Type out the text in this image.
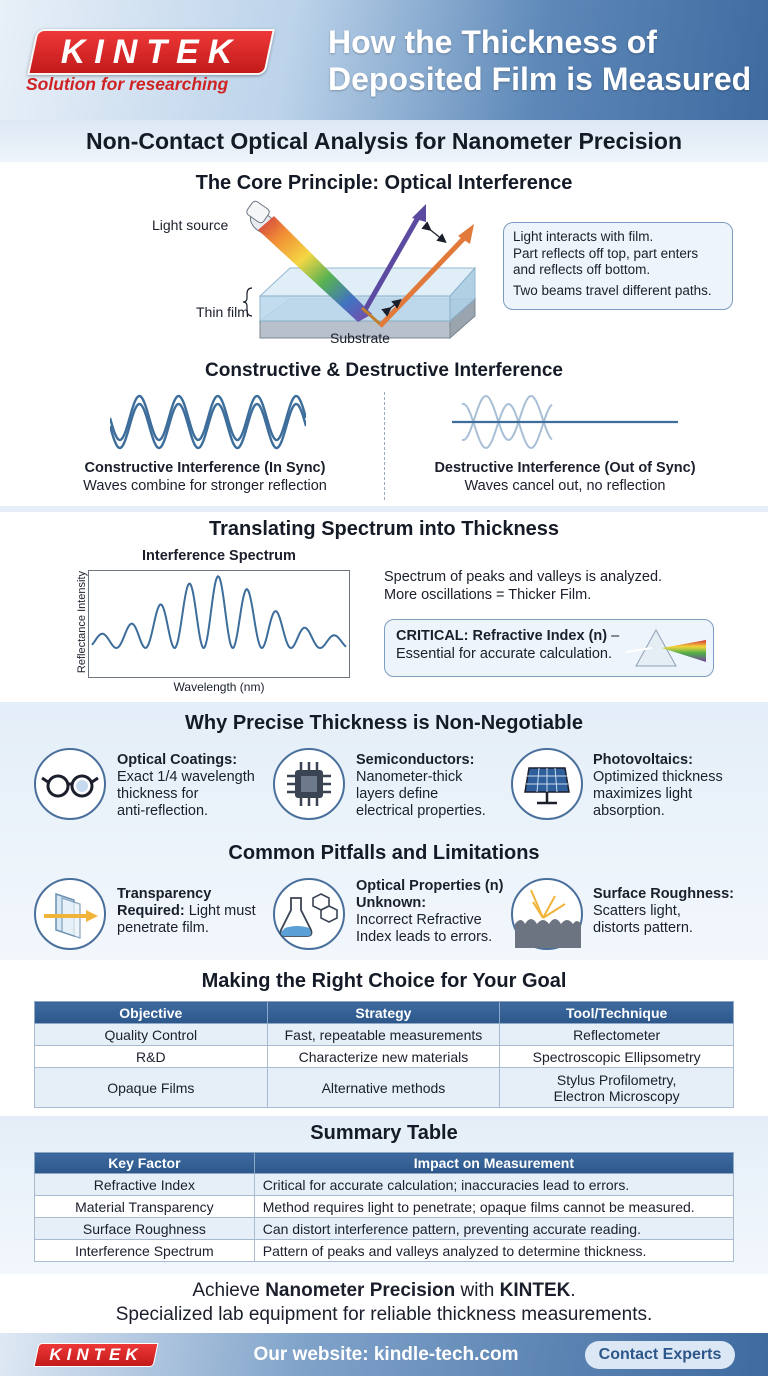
KINTEK
Solution for researching
How the Thickness of Deposited Film is Measured
Non-Contact Optical Analysis for Nanometer Precision
The Core Principle: Optical Interference
Light source
Thin film
Substrate
Light interacts with film.
Part reflects off top, part enters
and reflects off bottom.
Two beams travel different paths.
Constructive & Destructive Interference
Constructive Interference (In Sync)
Waves combine for stronger reflection
Destructive Interference (Out of Sync)
Waves cancel out, no reflection
Translating Spectrum into Thickness
Interference Spectrum
Reflectance Intensity
Wavelength (nm)
Spectrum of peaks and valleys is analyzed.
More oscillations = Thicker Film.
CRITICAL: Refractive Index (n) –
Essential for accurate calculation.
Why Precise Thickness is Non-Negotiable
Optical Coatings:
Exact 1/4 wavelength
thickness for
anti-reflection.
Semiconductors:
Nanometer-thick
layers define
electrical properties.
Photovoltaics:
Optimized thickness
maximizes light
absorption.
Common Pitfalls and Limitations
Transparency
Required: Light must
penetrate film.
Optical Properties (n)
Unknown:
Incorrect Refractive
Index leads to errors.
Surface Roughness:
Scatters light,
distorts pattern.
Making the Right Choice for Your Goal
Objective	Strategy	Tool/Technique
Quality Control	Fast, repeatable measurements	Reflectometer
R&D	Characterize new materials	Spectroscopic Ellipsometry
Opaque Films	Alternative methods	Stylus Profilometry,
Electron Microscopy
Summary Table
Key Factor	Impact on Measurement
Refractive Index	Critical for accurate calculation; inaccuracies lead to errors.
Material Transparency	Method requires light to penetrate; opaque films cannot be measured.
Surface Roughness	Can distort interference pattern, preventing accurate reading.
Interference Spectrum	Pattern of peaks and valleys analyzed to determine thickness.
Achieve Nanometer Precision with KINTEK.
Specialized lab equipment for reliable thickness measurements.
KINTEK	Our website: kindle-tech.com	Contact Experts
